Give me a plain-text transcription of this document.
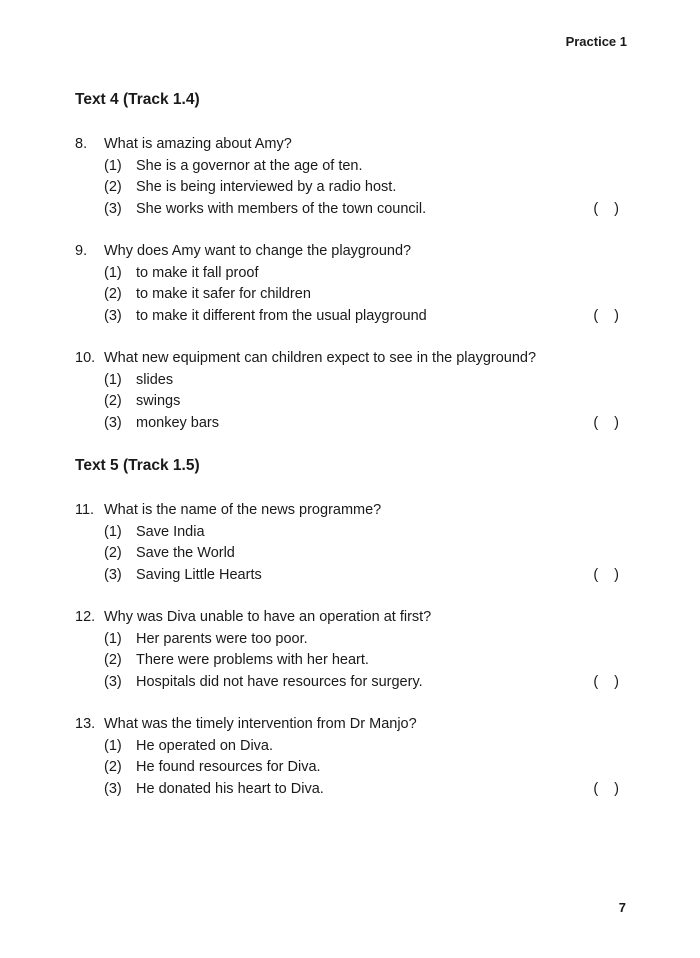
Practice 1
Text 4 (Track 1.4)
8. What is amazing about Amy?
(1) She is a governor at the age of ten.
(2) She is being interviewed by a radio host.
(3) She works with members of the town council.	( )
9. Why does Amy want to change the playground?
(1) to make it fall proof
(2) to make it safer for children
(3) to make it different from the usual playground	( )
10. What new equipment can children expect to see in the playground?
(1) slides
(2) swings
(3) monkey bars	( )
Text 5 (Track 1.5)
11. What is the name of the news programme?
(1) Save India
(2) Save the World
(3) Saving Little Hearts	( )
12. Why was Diva unable to have an operation at first?
(1) Her parents were too poor.
(2) There were problems with her heart.
(3) Hospitals did not have resources for surgery.	( )
13. What was the timely intervention from Dr Manjo?
(1) He operated on Diva.
(2) He found resources for Diva.
(3) He donated his heart to Diva.	( )
7
